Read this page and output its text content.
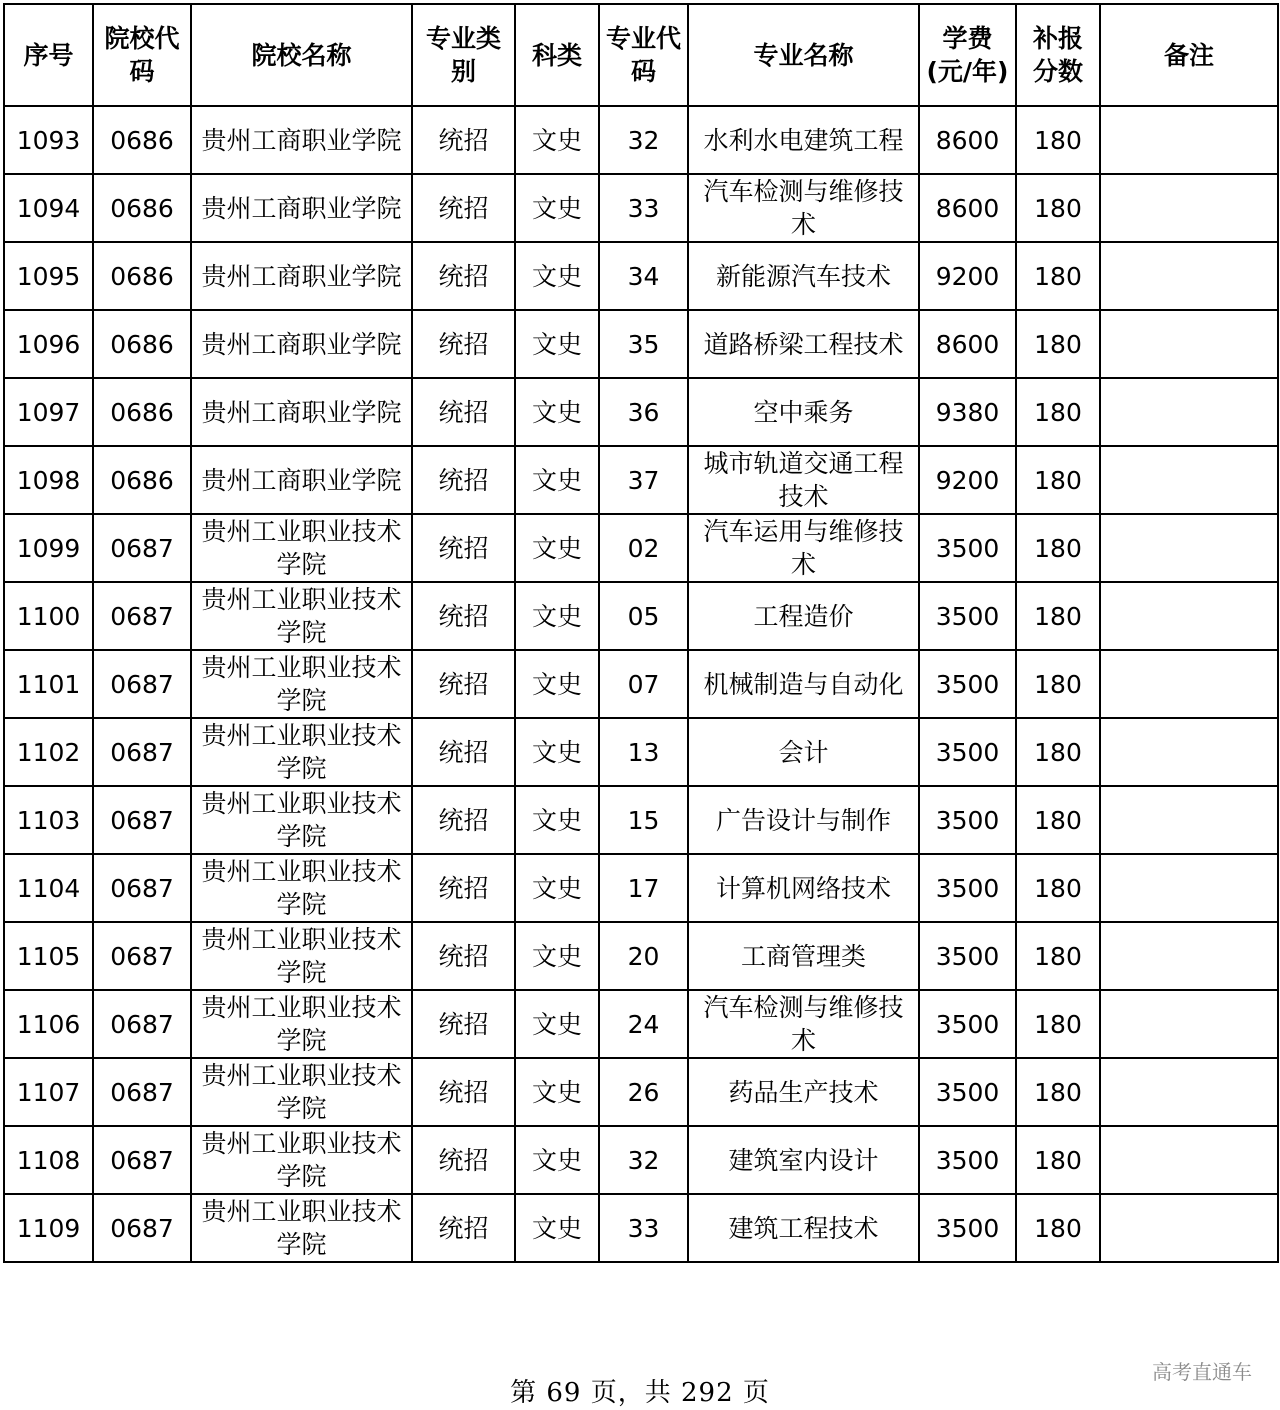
序号	院校代码	院校名称	专业类别	科类	专业代码	专业名称	学费(元/年)	补报分数	备注
1093	0686	贵州工商职业学院	统招	文史	32	水利水电建筑工程	8600	180	
1094	0686	贵州工商职业学院	统招	文史	33	汽车检测与维修技术	8600	180	
1095	0686	贵州工商职业学院	统招	文史	34	新能源汽车技术	9200	180	
1096	0686	贵州工商职业学院	统招	文史	35	道路桥梁工程技术	8600	180	
1097	0686	贵州工商职业学院	统招	文史	36	空中乘务	9380	180	
1098	0686	贵州工商职业学院	统招	文史	37	城市轨道交通工程技术	9200	180	
1099	0687	贵州工业职业技术学院	统招	文史	02	汽车运用与维修技术	3500	180	
1100	0687	贵州工业职业技术学院	统招	文史	05	工程造价	3500	180	
1101	0687	贵州工业职业技术学院	统招	文史	07	机械制造与自动化	3500	180	
1102	0687	贵州工业职业技术学院	统招	文史	13	会计	3500	180	
1103	0687	贵州工业职业技术学院	统招	文史	15	广告设计与制作	3500	180	
1104	0687	贵州工业职业技术学院	统招	文史	17	计算机网络技术	3500	180	
1105	0687	贵州工业职业技术学院	统招	文史	20	工商管理类	3500	180	
1106	0687	贵州工业职业技术学院	统招	文史	24	汽车检测与维修技术	3500	180	
1107	0687	贵州工业职业技术学院	统招	文史	26	药品生产技术	3500	180	
1108	0687	贵州工业职业技术学院	统招	文史	32	建筑室内设计	3500	180	
1109	0687	贵州工业职业技术学院	统招	文史	33	建筑工程技术	3500	180	
第 69 页，共 292 页
高考直通车
